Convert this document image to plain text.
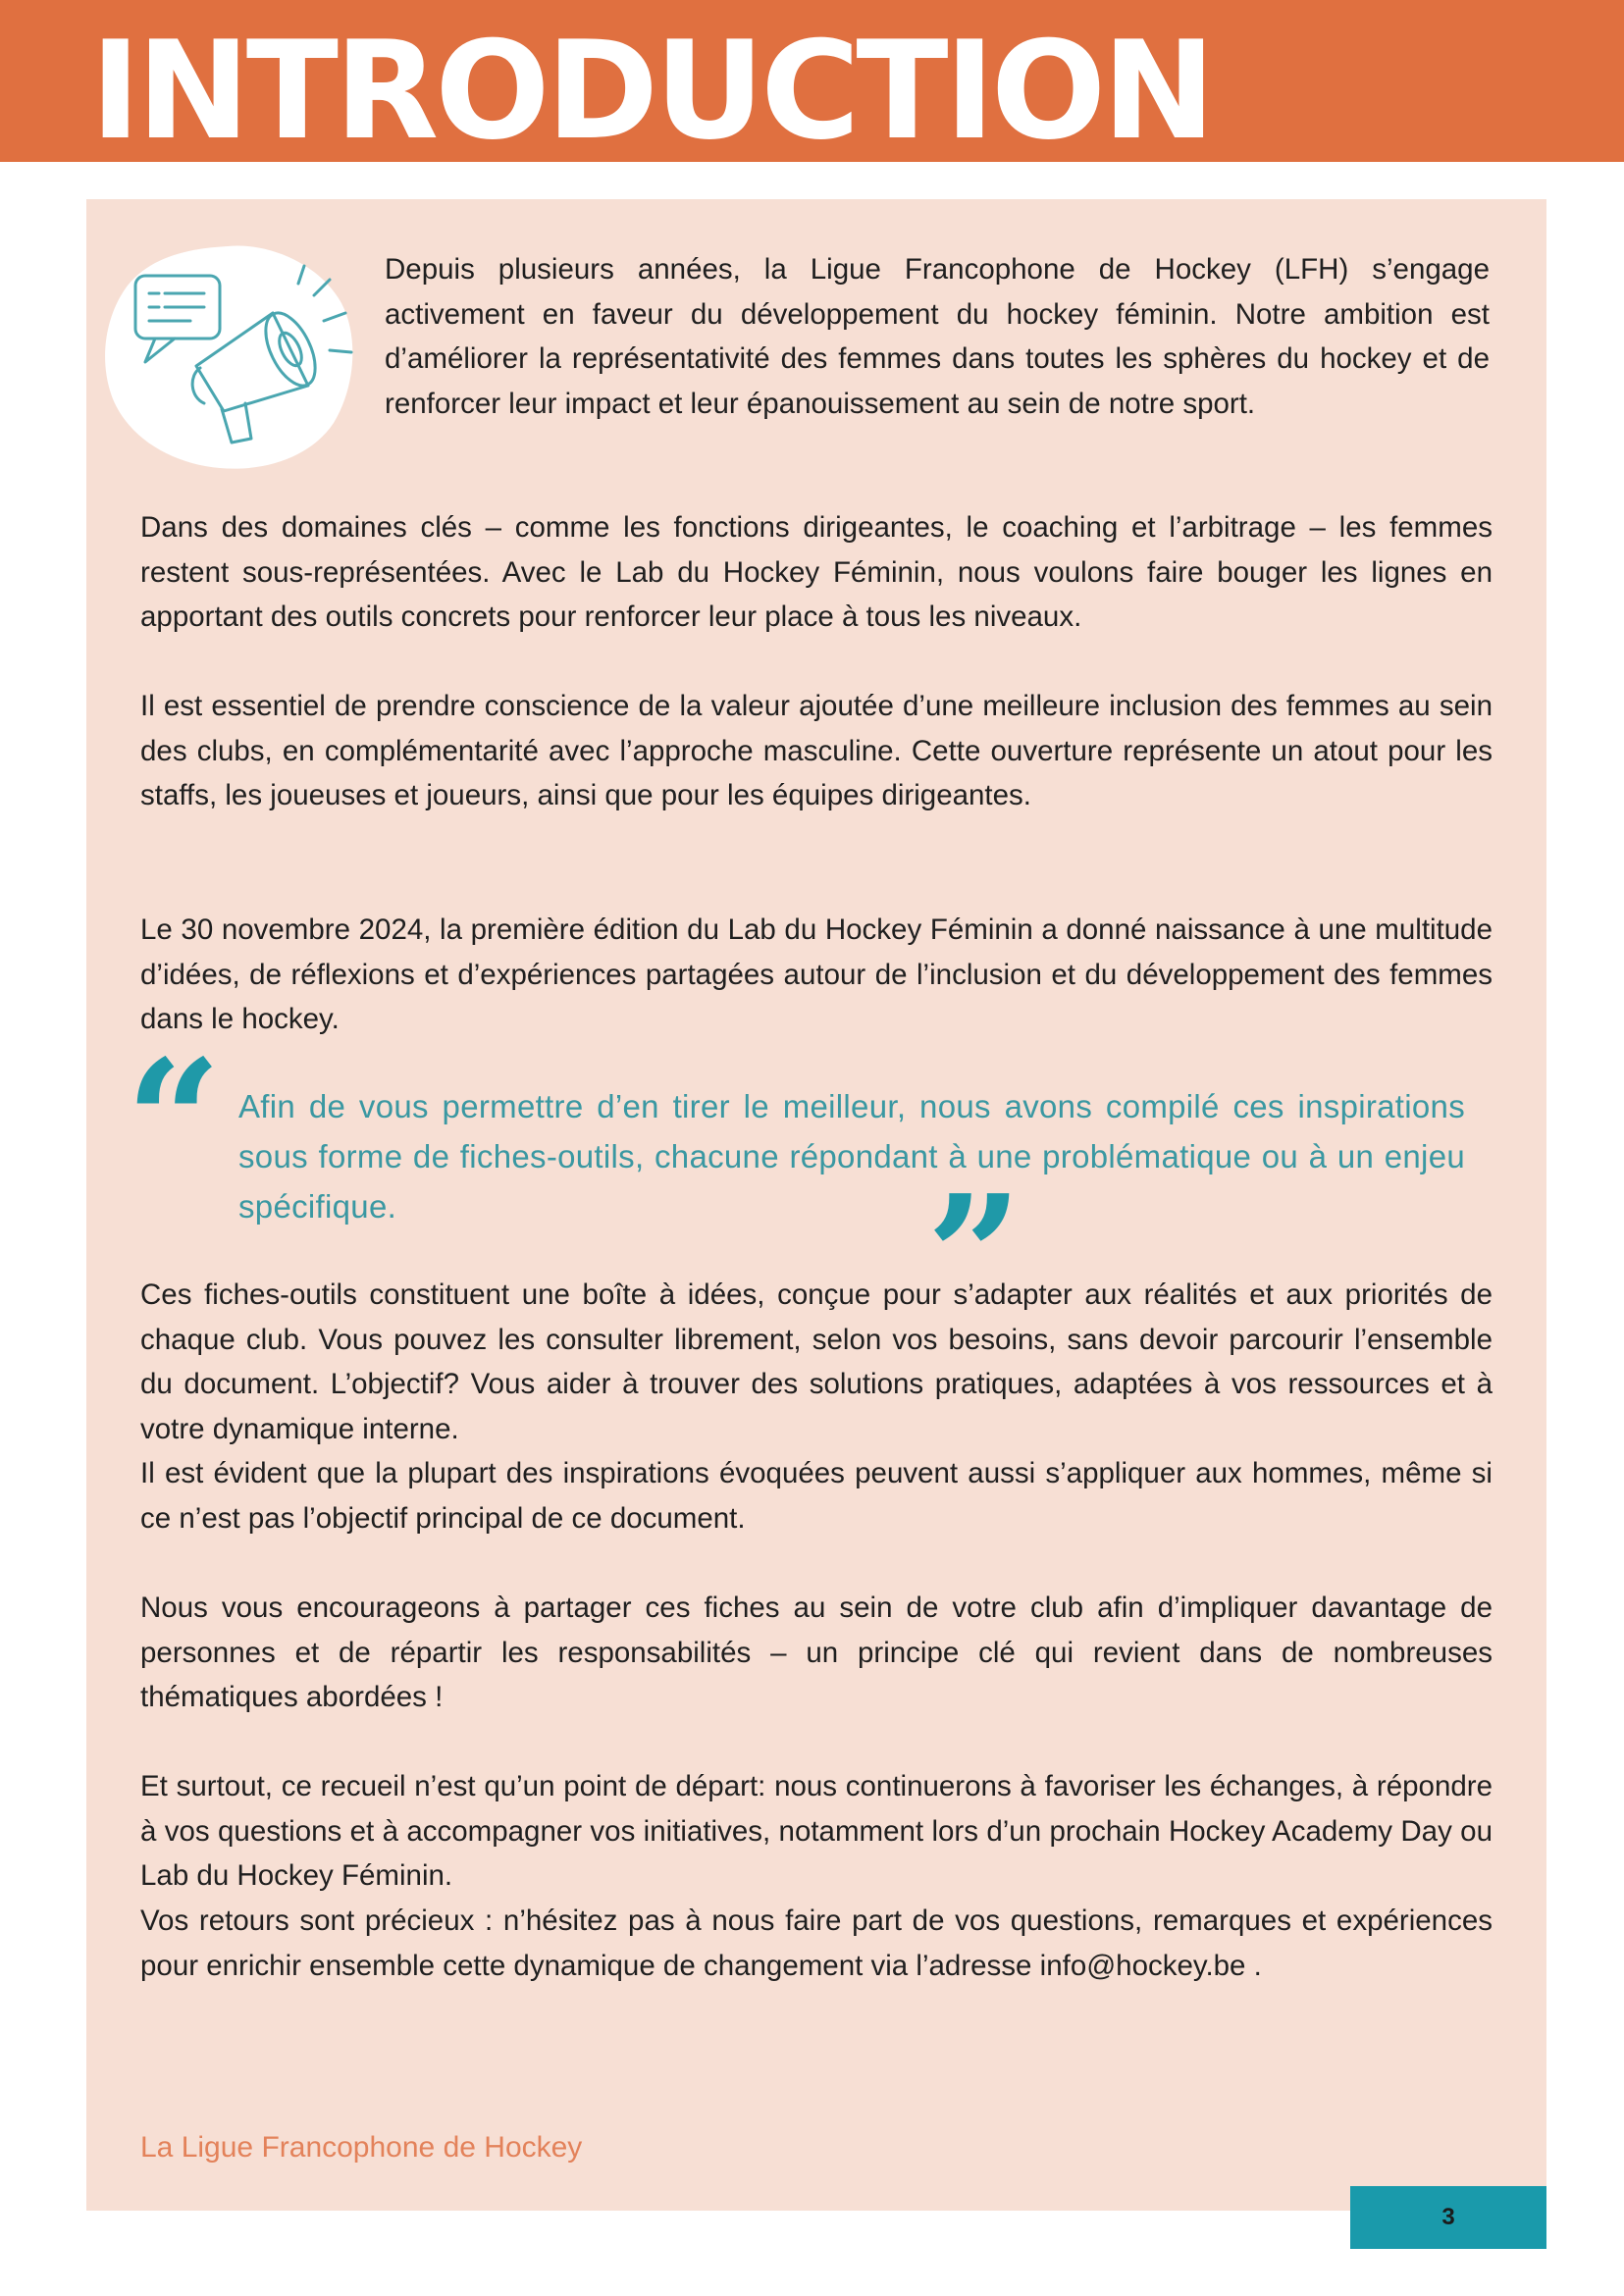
INTRODUCTION

Depuis plusieurs années, la Ligue Francophone de Hockey (LFH) s’engage activement en faveur du développement du hockey féminin. Notre ambition est d’améliorer la représentativité des femmes dans toutes les sphères du hockey et de renforcer leur impact et leur épanouissement au sein de notre sport.

Dans des domaines clés – comme les fonctions dirigeantes, le coaching et l’arbitrage – les femmes restent sous-représentées. Avec le Lab du Hockey Féminin, nous voulons faire bouger les lignes en apportant des outils concrets pour renforcer leur place à tous les niveaux.

Il est essentiel de prendre conscience de la valeur ajoutée d’une meilleure inclusion des femmes au sein des clubs, en complémentarité avec l’approche masculine. Cette ouverture représente un atout pour les staffs, les joueuses et joueurs, ainsi que pour les équipes dirigeantes.

Le 30 novembre 2024, la première édition du Lab du Hockey Féminin a donné naissance à une multitude d’idées, de réflexions et d’expériences partagées autour de l’inclusion et du développement des femmes dans le hockey.

“ Afin de vous permettre d’en tirer le meilleur, nous avons compilé ces inspirations sous forme de fiches-outils, chacune répondant à une problématique ou à un enjeu spécifique.	”

Ces fiches-outils constituent une boîte à idées, conçue pour s’adapter aux réalités et aux priorités de chaque club. Vous pouvez les consulter librement, selon vos besoins, sans devoir parcourir l’ensemble du document. L’objectif? Vous aider à trouver des solutions pratiques, adaptées à vos ressources et à votre dynamique interne.

Il est évident que la plupart des inspirations évoquées peuvent aussi s’appliquer aux hommes, même si ce n’est pas l’objectif principal de ce document.

Nous vous encourageons à partager ces fiches au sein de votre club afin d’impliquer davantage de personnes et de répartir les responsabilités – un principe clé qui revient dans de nombreuses thématiques abordées !

Et surtout, ce recueil n’est qu’un point de départ: nous continuerons à favoriser les échanges, à répondre à vos questions et à accompagner vos initiatives, notamment lors d’un prochain Hockey Academy Day ou Lab du Hockey Féminin.

Vos retours sont précieux : n’hésitez pas à nous faire part de vos questions, remarques et expériences pour enrichir ensemble cette dynamique de changement via l’adresse info@hockey.be .

La Ligue Francophone de Hockey

3
